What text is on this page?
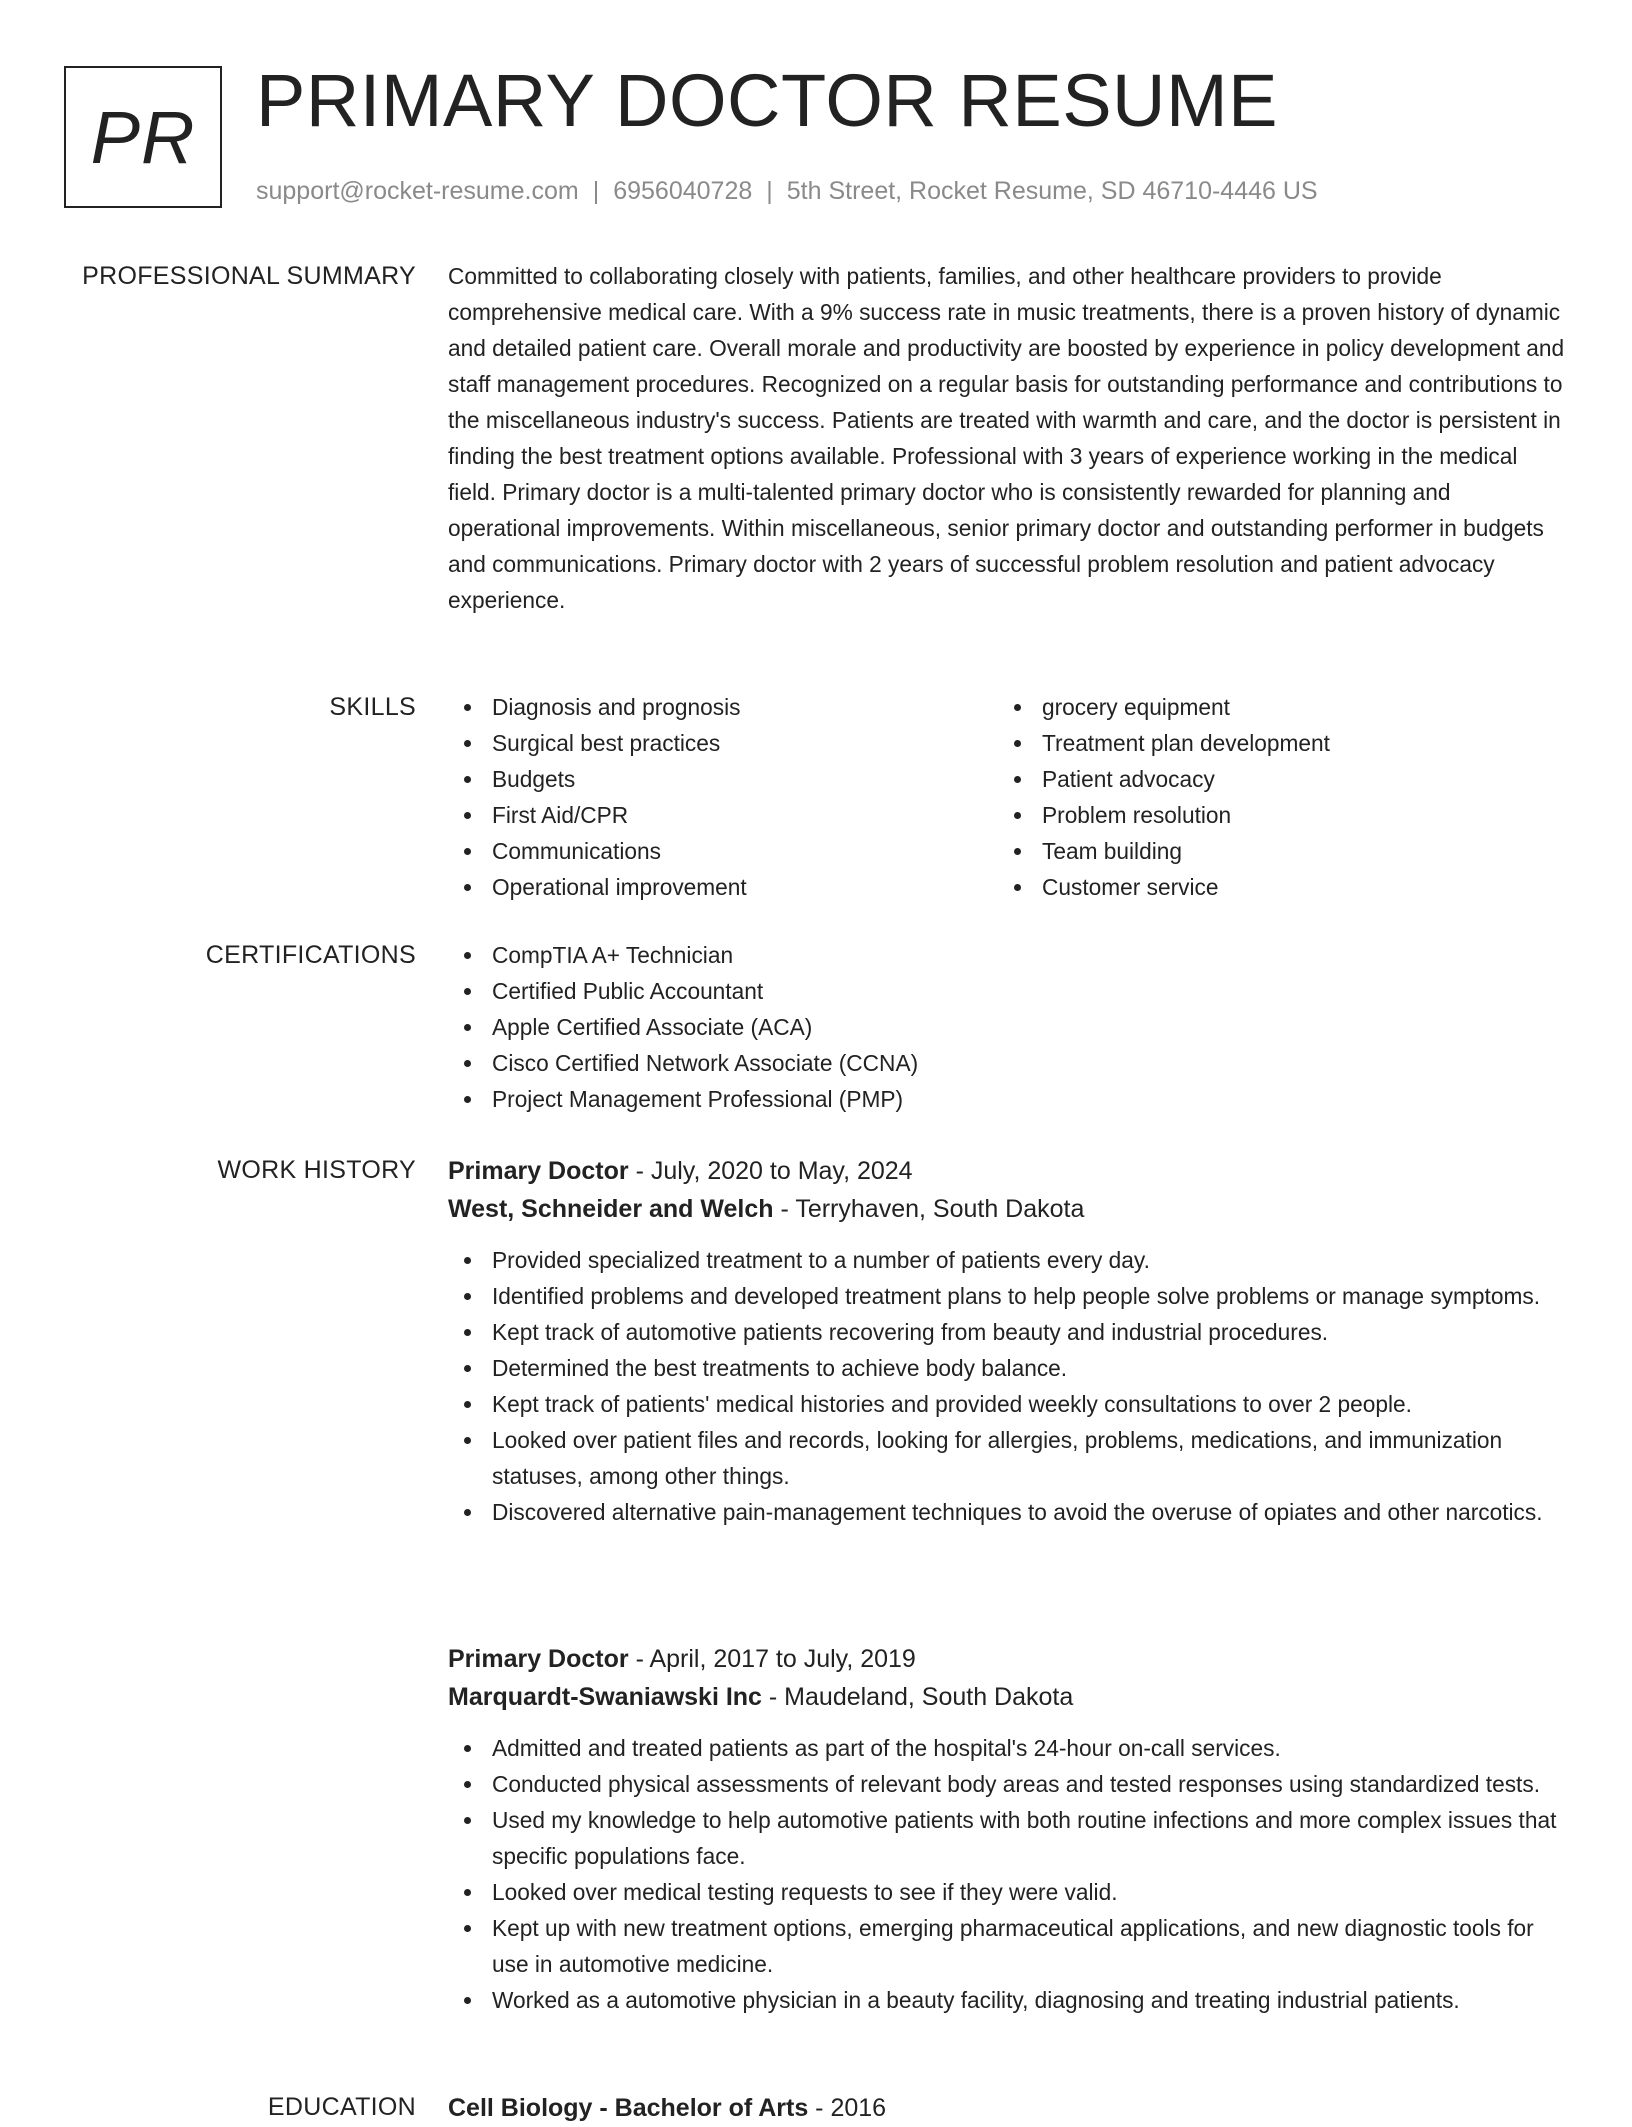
PR PRIMARY DOCTOR RESUME
support@rocket-resume.com | 6956040728 | 5th Street, Rocket Resume, SD 46710-4446 US
PROFESSIONAL SUMMARY Committed to collaborating closely with patients, families, and other healthcare providers to provide comprehensive medical care. With a 9% success rate in music treatments, there is a proven history of dynamic and detailed patient care. Overall morale and productivity are boosted by experience in policy development and staff management procedures. Recognized on a regular basis for outstanding performance and contributions to the miscellaneous industry's success. Patients are treated with warmth and care, and the doctor is persistent in finding the best treatment options available. Professional with 3 years of experience working in the medical field. Primary doctor is a multi-talented primary doctor who is consistently rewarded for planning and operational improvements. Within miscellaneous, senior primary doctor and outstanding performer in budgets and communications. Primary doctor with 2 years of successful problem resolution and patient advocacy experience.

SKILLS	Diagnosis and prognosis
Surgical best practices
Budgets
First Aid/CPR
Communications
Operational improvement
grocery equipment
Treatment plan development
Patient advocacy
Problem resolution
Team building
Customer service
CERTIFICATIONS	CompTIA A+ Technician
Certified Public Accountant
Apple Certified Associate (ACA)
Cisco Certified Network Associate (CCNA)
Project Management Professional (PMP)
WORK HISTORY Primary Doctor - July, 2020 to May, 2024
West, Schneider and Welch - Terryhaven, South Dakota
Provided specialized treatment to a number of patients every day.
Identified problems and developed treatment plans to help people solve problems or manage symptoms.
Kept track of automotive patients recovering from beauty and industrial procedures.
Determined the best treatments to achieve body balance.
Kept track of patients' medical histories and provided weekly consultations to over 2 people.
Looked over patient files and records, looking for allergies, problems, medications, and immunization statuses, among other things.
Discovered alternative pain-management techniques to avoid the overuse of opiates and other narcotics.
Primary Doctor - April, 2017 to July, 2019
Marquardt-Swaniawski Inc - Maudeland, South Dakota
Admitted and treated patients as part of the hospital's 24-hour on-call services.
Conducted physical assessments of relevant body areas and tested responses using standardized tests.
Used my knowledge to help automotive patients with both routine infections and more complex issues that specific populations face.
Looked over medical testing requests to see if they were valid.
Kept up with new treatment options, emerging pharmaceutical applications, and new diagnostic tools for use in automotive medicine.
Worked as a automotive physician in a beauty facility, diagnosing and treating industrial patients.
EDUCATION Cell Biology - Bachelor of Arts - 2016
